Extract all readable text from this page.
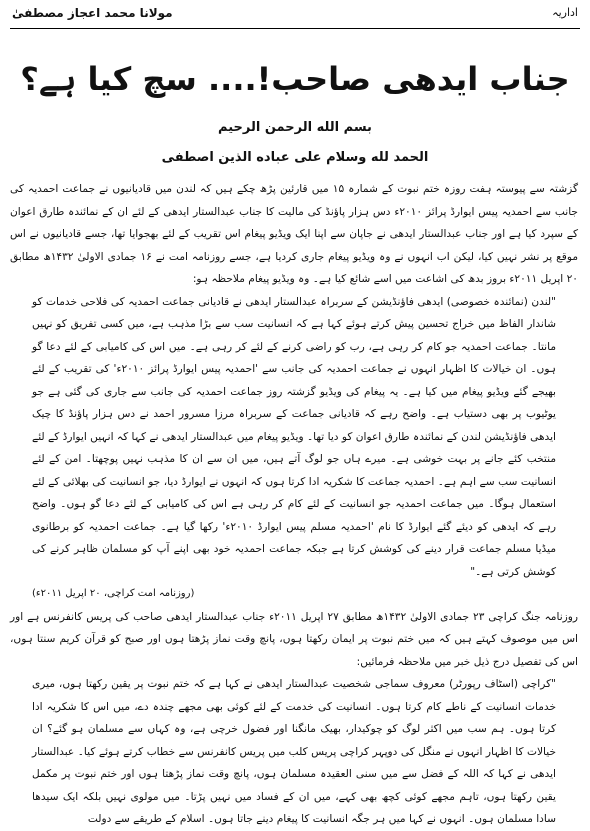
مولانا محمد اعجاز مصطفیٰ	اداریہ
جناب ایدھی صاحب!.... سچ کیا ہے؟
بسم الله الرحمن الرحيم
الحمد لله وسلام على عباده الذين اصطفى

گزشتہ سے پیوستہ ہفت روزہ ختم نبوت کے شمارہ ۱۵ میں قارئین پڑھ چکے ہیں کہ لندن میں قادیانیوں نے جماعت احمدیہ کی جانب سے احمدیہ پیس ایوارڈ پرائز ۲۰۱۰ء دس ہزار پاؤنڈ کی مالیت کا جناب عبدالستار ایدھی کے لئے ان کے نمائندہ طارق اعوان کے سپرد کیا ہے اور جناب عبدالستار ایدھی نے جاپان سے اپنا ایک ویڈیو پیغام اس تقریب کے لئے بھجوایا تھا، جسے قادیانیوں نے اس موقع پر نشر نہیں کیا، لیکن اب انہوں نے وہ ویڈیو پیغام جاری کردیا ہے، جسے روزنامہ امت نے ۱۶ جمادی الاولیٰ ۱۴۳۲ھ مطابق ۲۰ اپریل ۲۰۱۱ء بروز بدھ کی اشاعت میں اسے شائع کیا ہے۔ وہ ویڈیو پیغام ملاحظہ ہو:

"لندن (نمائندہ خصوصی) ایدھی فاؤنڈیشن کے سربراہ عبدالستار ایدھی نے قادیانی جماعت احمدیہ کی فلاحی خدمات کو شاندار الفاظ میں خراج تحسین پیش کرتے ہوئے کہا ہے کہ انسانیت سب سے بڑا مذہب ہے، میں کسی تفریق کو نہیں مانتا۔ جماعت احمدیہ جو کام کر رہی ہے، رب کو راضی کرنے کے لئے کر رہی ہے۔ میں اس کی کامیابی کے لئے دعا گو ہوں۔ ان خیالات کا اظہار انہوں نے جماعت احمدیہ کی جانب سے 'احمدیہ پیس ایوارڈ پرائز ۲۰۱۰ء' کی تقریب کے لئے بھیجے گئے ویڈیو پیغام میں کیا ہے۔ یہ پیغام کی ویڈیو گزشتہ روز جماعت احمدیہ کی جانب سے جاری کی گئی ہے جو یوٹیوب پر بھی دستیاب ہے۔ واضح رہے کہ قادیانی جماعت کے سربراہ مرزا مسرور احمد نے دس ہزار پاؤنڈ کا چیک ایدھی فاؤنڈیشن لندن کے نمائندہ طارق اعوان کو دیا تھا۔ ویڈیو پیغام میں عبدالستار ایدھی نے کہا کہ انہیں ایوارڈ کے لئے منتخب کئے جانے پر بہت خوشی ہے۔ میرے ہاں جو لوگ آتے ہیں، میں ان سے ان کا مذہب نہیں پوچھتا۔ امن کے لئے انسانیت سب سے اہم ہے۔ احمدیہ جماعت کا شکریہ ادا کرتا ہوں کہ انہوں نے ایوارڈ دیا، جو انسانیت کی بھلائی کے لئے استعمال ہوگا۔ میں جماعت احمدیہ جو انسانیت کے لئے کام کر رہی ہے اس کی کامیابی کے لئے دعا گو ہوں۔ واضح رہے کہ ایدھی کو دیئے گئے ایوارڈ کا نام 'احمدیہ مسلم پیس ایوارڈ ۲۰۱۰ء' رکھا گیا ہے۔ جماعت احمدیہ کو برطانوی میڈیا مسلم جماعت قرار دینے کی کوشش کرتا ہے جبکہ جماعت احمدیہ خود بھی اپنے آپ کو مسلمان ظاہر کرنے کی کوشش کرتی ہے۔"

(روزنامہ امت کراچی، ۲۰ اپریل ۲۰۱۱ء)

روزنامہ جنگ کراچی ۲۳ جمادی الاولیٰ ۱۴۳۲ھ مطابق ۲۷ اپریل ۲۰۱۱ء جناب عبدالستار ایدھی صاحب کی پریس کانفرنس ہے اور اس میں موصوف کہتے ہیں کہ میں ختم نبوت پر ایمان رکھتا ہوں، پانچ وقت نماز پڑھتا ہوں اور صبح کو قرآن کریم سنتا ہوں، اس کی تفصیل درج ذیل خبر میں ملاحظہ فرمائیں:

"کراچی (اسٹاف رپورٹر) معروف سماجی شخصیت عبدالستار ایدھی نے کہا ہے کہ ختم نبوت پر یقین رکھتا ہوں، میری خدمات انسانیت کے ناطے کام کرتا ہوں۔ انسانیت کی خدمت کے لئے کوئی بھی مجھے چندہ دے، میں اس کا شکریہ ادا کرتا ہوں۔ ہم سب میں اکثر لوگ کو چوکیدار، بھیک مانگنا اور فضول خرچی ہے، وہ کہاں سے مسلمان ہو گئے؟ ان خیالات کا اظہار انہوں نے منگل کی دوپہر کراچی پریس کلب میں پریس کانفرنس سے خطاب کرتے ہوئے کیا۔ عبدالستار ایدھی نے کہا کہ اللہ کے فضل سے میں سنی العقیدہ مسلمان ہوں، پانچ وقت نماز پڑھتا ہوں اور ختم نبوت پر مکمل یقین رکھتا ہوں، تاہم مجھے کوئی کچھ بھی کہے، میں ان کے فساد میں نہیں پڑتا۔ میں مولوی نہیں بلکہ ایک سیدھا سادا مسلمان ہوں۔ انہوں نے کہا میں ہر جگہ انسانیت کا پیغام دینے جاتا ہوں۔ اسلام کے طریقے سے دولت
